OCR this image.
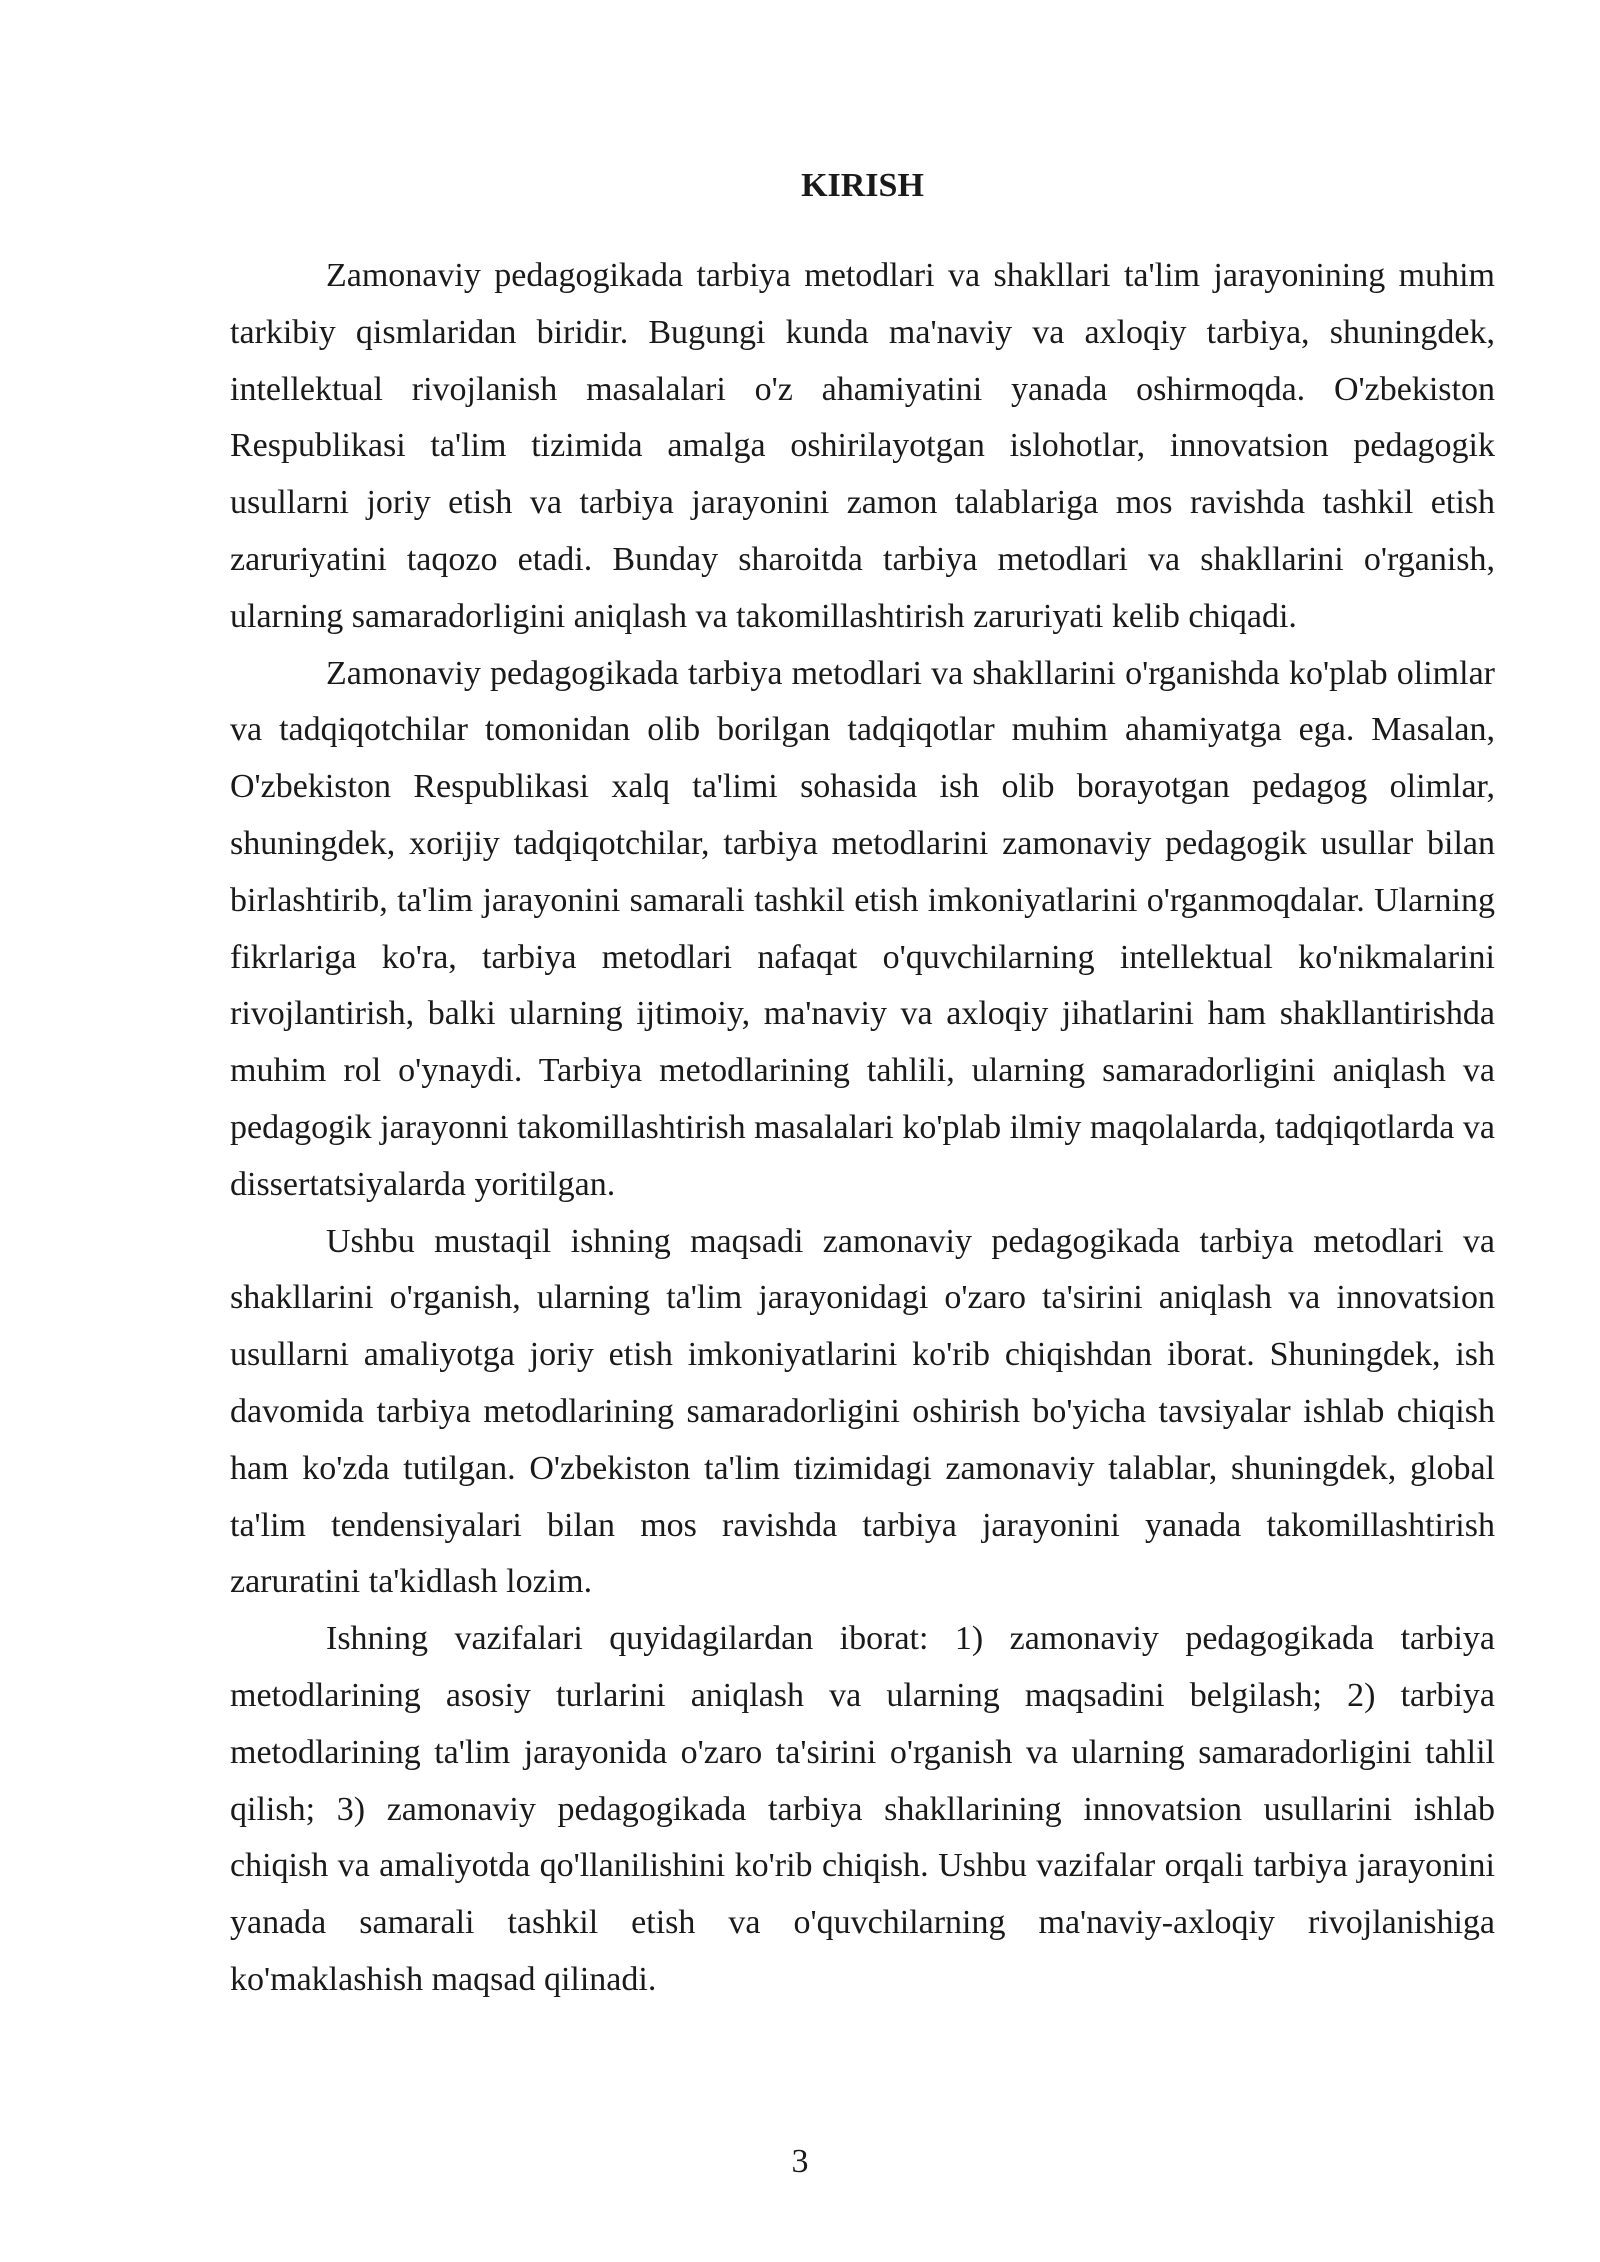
KIRISH

Zamonaviy pedagogikada tarbiya metodlari va shakllari ta'lim jarayonining muhim tarkibiy qismlaridan biridir. Bugungi kunda ma'naviy va axloqiy tarbiya, shuningdek, intellektual rivojlanish masalalari o'z ahamiyatini yanada oshirmoqda. O'zbekiston Respublikasi ta'lim tizimida amalga oshirilayotgan islohotlar, innovatsion pedagogik usullarni joriy etish va tarbiya jarayonini zamon talablariga mos ravishda tashkil etish zaruriyatini taqozo etadi. Bunday sharoitda tarbiya metodlari va shakllarini o'rganish, ularning samaradorligini aniqlash va takomillashtirish zaruriyati kelib chiqadi.

Zamonaviy pedagogikada tarbiya metodlari va shakllarini o'rganishda ko'plab olimlar va tadqiqotchilar tomonidan olib borilgan tadqiqotlar muhim ahamiyatga ega. Masalan, O'zbekiston Respublikasi xalq ta'limi sohasida ish olib borayotgan pedagog olimlar, shuningdek, xorijiy tadqiqotchilar, tarbiya metodlarini zamonaviy pedagogik usullar bilan birlashtirib, ta'lim jarayonini samarali tashkil etish imkoniyatlarini o'rganmoqdalar. Ularning fikrlariga ko'ra, tarbiya metodlari nafaqat o'quvchilarning intellektual ko'nikmalarini rivojlantirish, balki ularning ijtimoiy, ma'naviy va axloqiy jihatlarini ham shakllantirishda muhim rol o'ynaydi. Tarbiya metodlarining tahlili, ularning samaradorligini aniqlash va pedagogik jarayonni takomillashtirish masalalari ko'plab ilmiy maqolalarda, tadqiqotlarda va dissertatsiyalarda yoritilgan.

Ushbu mustaqil ishning maqsadi zamonaviy pedagogikada tarbiya metodlari va shakllarini o'rganish, ularning ta'lim jarayonidagi o'zaro ta'sirini aniqlash va innovatsion usullarni amaliyotga joriy etish imkoniyatlarini ko'rib chiqishdan iborat. Shuningdek, ish davomida tarbiya metodlarining samaradorligini oshirish bo'yicha tavsiyalar ishlab chiqish ham ko'zda tutilgan. O'zbekiston ta'lim tizimidagi zamonaviy talablar, shuningdek, global ta'lim tendensiyalari bilan mos ravishda tarbiya jarayonini yanada takomillashtirish zaruratini ta'kidlash lozim.

Ishning vazifalari quyidagilardan iborat: 1) zamonaviy pedagogikada tarbiya metodlarining asosiy turlarini aniqlash va ularning maqsadini belgilash; 2) tarbiya metodlarining ta'lim jarayonida o'zaro ta'sirini o'rganish va ularning samaradorligini tahlil qilish; 3) zamonaviy pedagogikada tarbiya shakllarining innovatsion usullarini ishlab chiqish va amaliyotda qo'llanilishini ko'rib chiqish. Ushbu vazifalar orqali tarbiya jarayonini yanada samarali tashkil etish va o'quvchilarning ma'naviy-axloqiy rivojlanishiga ko'maklashish maqsad qilinadi.

3
